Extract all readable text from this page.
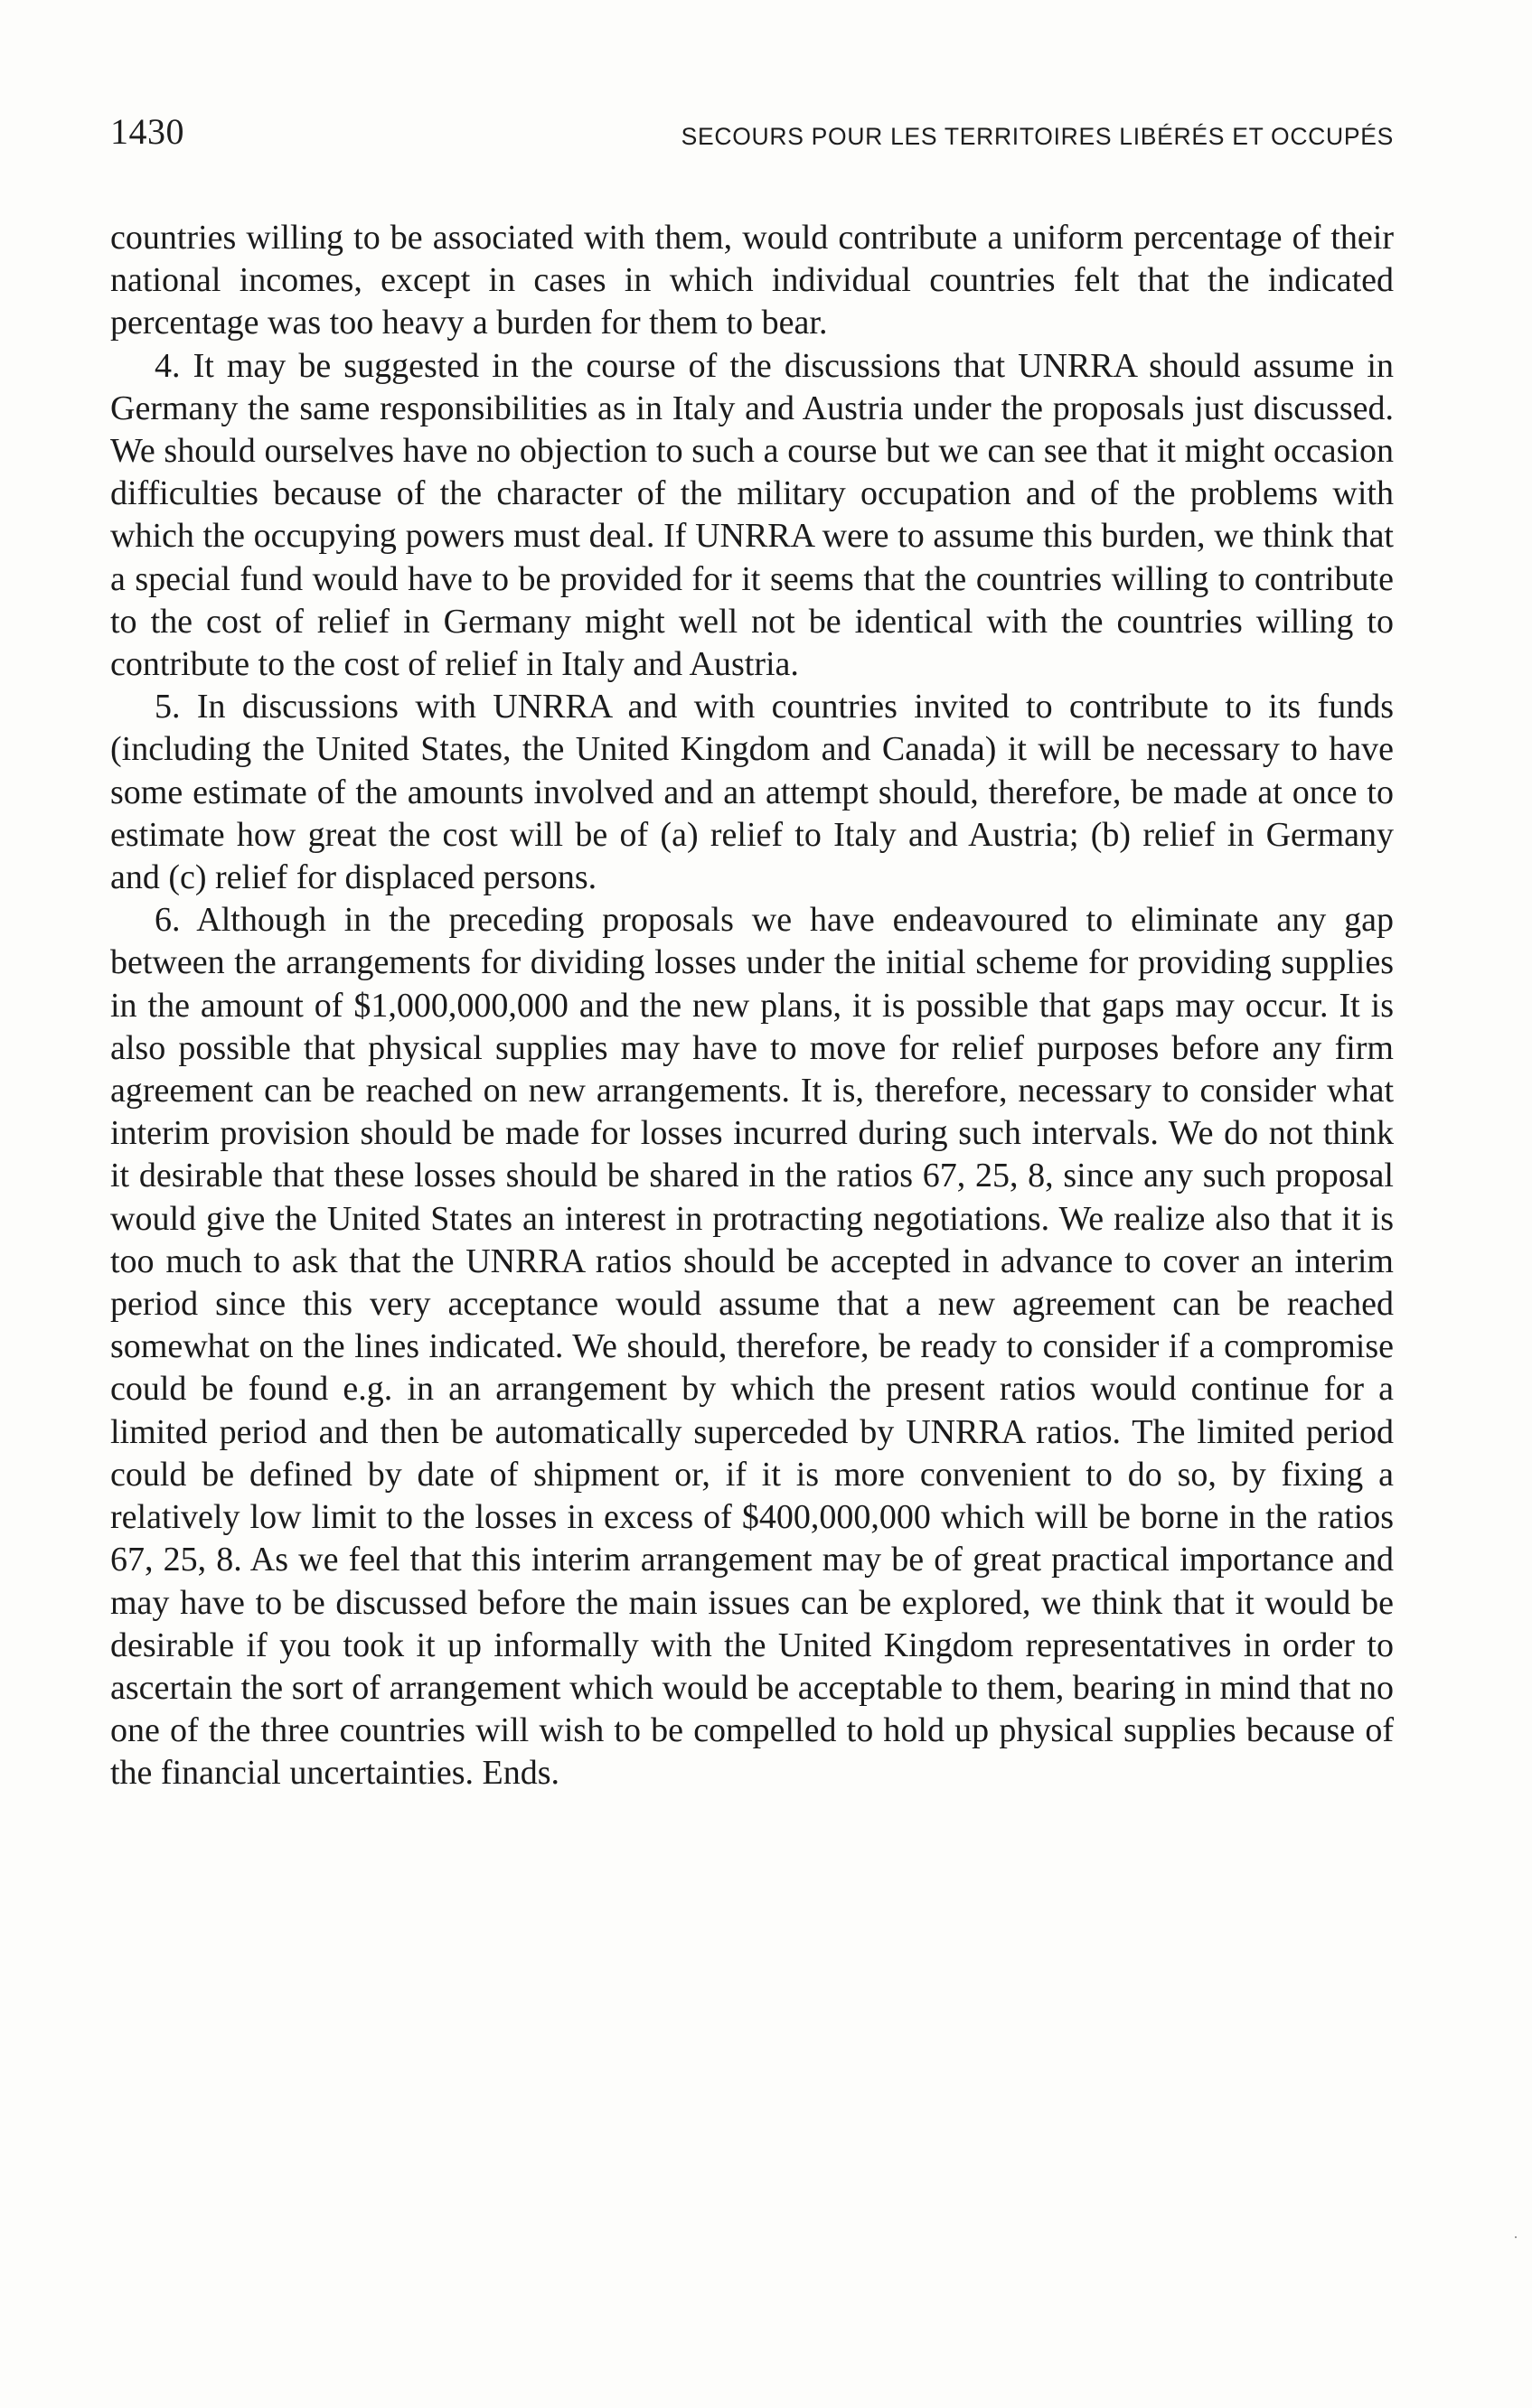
1430	SECOURS POUR LES TERRITOIRES LIBÉRÉS ET OCCUPÉS

countries willing to be associated with them, would contribute a uniform percentage of their national incomes, except in cases in which individual countries felt that the indicated percentage was too heavy a burden for them to bear.

4. It may be suggested in the course of the discussions that UNRRA should assume in Germany the same responsibilities as in Italy and Austria under the proposals just discussed. We should ourselves have no objection to such a course but we can see that it might occasion difficulties because of the character of the military occupation and of the problems with which the occupying powers must deal. If UNRRA were to assume this burden, we think that a special fund would have to be provided for it seems that the countries willing to contribute to the cost of relief in Germany might well not be identical with the countries willing to contribute to the cost of relief in Italy and Austria.

5. In discussions with UNRRA and with countries invited to contribute to its funds (including the United States, the United Kingdom and Canada) it will be necessary to have some estimate of the amounts involved and an attempt should, therefore, be made at once to estimate how great the cost will be of (a) relief to Italy and Austria; (b) relief in Germany and (c) relief for displaced persons.

6. Although in the preceding proposals we have endeavoured to eliminate any gap between the arrangements for dividing losses under the initial scheme for providing supplies in the amount of $1,000,000,000 and the new plans, it is possible that gaps may occur. It is also possible that physical supplies may have to move for relief purposes before any firm agreement can be reached on new arrangements. It is, therefore, necessary to consider what interim provision should be made for losses incurred during such intervals. We do not think it desirable that these losses should be shared in the ratios 67, 25, 8, since any such proposal would give the United States an interest in protracting negotiations. We realize also that it is too much to ask that the UNRRA ratios should be accepted in advance to cover an interim period since this very acceptance would assume that a new agreement can be reached somewhat on the lines indicated. We should, therefore, be ready to consider if a compromise could be found e.g. in an arrangement by which the present ratios would continue for a limited period and then be automatically superceded by UNRRA ratios. The limited period could be defined by date of shipment or, if it is more convenient to do so, by fixing a relatively low limit to the losses in excess of $400,000,000 which will be borne in the ratios 67, 25, 8. As we feel that this interim arrangement may be of great practical importance and may have to be discussed before the main issues can be explored, we think that it would be desirable if you took it up informally with the United Kingdom representatives in order to ascertain the sort of arrangement which would be acceptable to them, bearing in mind that no one of the three countries will wish to be compelled to hold up physical supplies because of the financial uncertainties. Ends.
